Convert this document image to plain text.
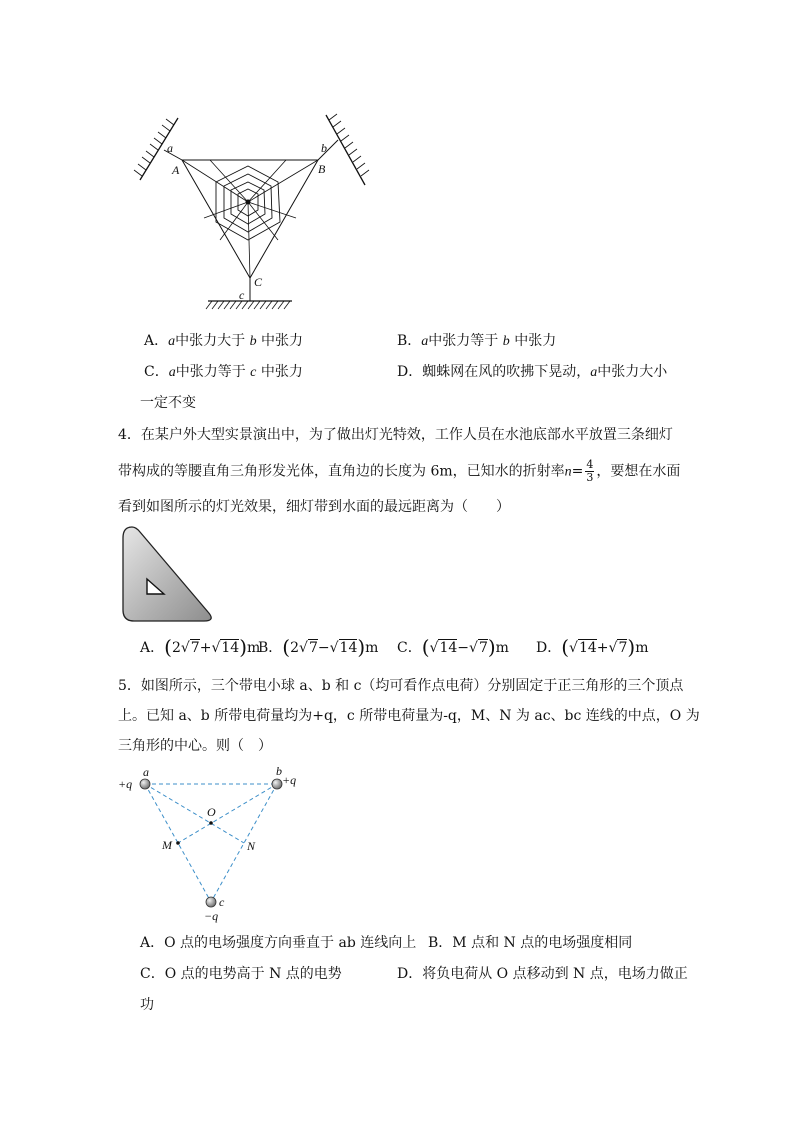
a
A
b
B
C
c
A．a中张力大于 b 中张力	B．a中张力等于 b 中张力
C．a中张力等于 c 中张力	D．蜘蛛网在风的吹拂下晃动，a中张力大小
一定不变
4．在某户外大型实景演出中，为了做出灯光特效，工作人员在水池底部水平放置三条细灯
带构成的等腰直角三角形发光体，直角边的长度为 6m，已知水的折射率$n= \frac{4}{3}$ ，要想在水面
看到如图所示的灯光效果，细灯带到水面的最远距离为（　　）
A．(2√7+√14)m
B．(2√7−√14)m C．(√14−√7)m D．(√14+√7)m
5．如图所示，三个带电小球 a、b 和 c（均可看作点电荷）分别固定于正三角形的三个顶点
上。已知 a、b 所带电荷量均为+q，c 所带电荷量为-q，M、N 为 ac、bc 连线的中点，O 为
三角形的中心。则（　）
a
+q
b
+q
c
−q
O
M	N
A．O 点的电场强度方向垂直于 ab 连线向上 B．M 点和 N 点的电场强度相同
C．O 点的电势高于 N 点的电势	D．将负电荷从 O 点移动到 N 点，电场力做正
功
